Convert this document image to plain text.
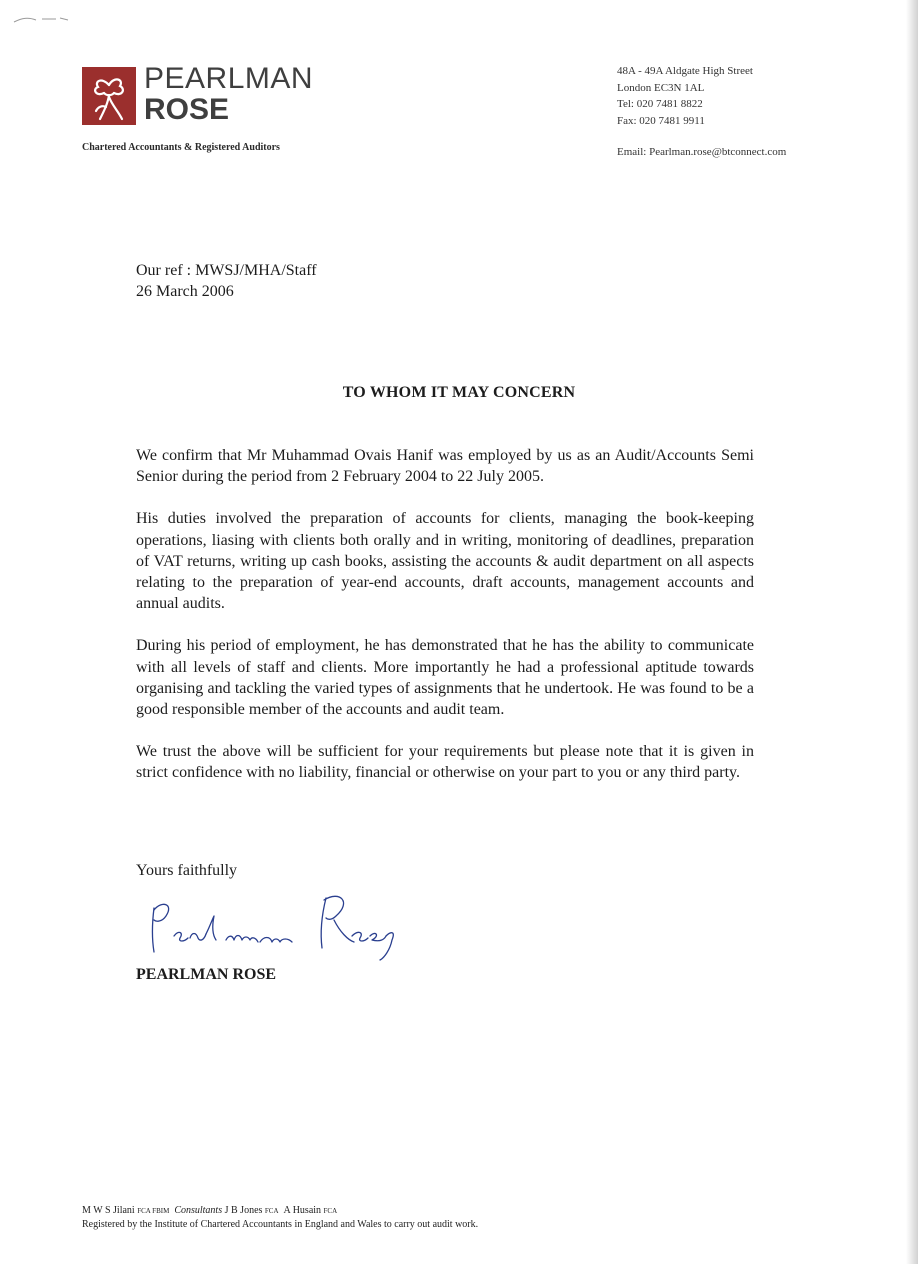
PEARLMAN
ROSE
Chartered Accountants & Registered Auditors
48A - 49A Aldgate High Street
London EC3N 1AL
Tel: 020 7481 8822
Fax: 020 7481 9911
Email: Pearlman.rose@btconnect.com
Our ref : MWSJ/MHA/Staff
26 March 2006
TO WHOM IT MAY CONCERN

We confirm that Mr Muhammad Ovais Hanif was employed by us as an Audit/Accounts Semi Senior during the period from 2 February 2004 to 22 July 2005.

His duties involved the preparation of accounts for clients, managing the book-keeping operations, liasing with clients both orally and in writing, monitoring of deadlines, preparation of VAT returns, writing up cash books, assisting the accounts & audit department on all aspects relating to the preparation of year-end accounts, draft accounts, management accounts and annual audits.

During his period of employment, he has demonstrated that he has the ability to communicate with all levels of staff and clients. More importantly he had a professional aptitude towards organising and tackling the varied types of assignments that he undertook. He was found to be a good responsible member of the accounts and audit team.

We trust the above will be sufficient for your requirements but please note that it is given in strict confidence with no liability, financial or otherwise on your part to you or any third party.

Yours faithfully
PEARLMAN ROSE
M W S Jilani FCA FBIM Consultants J B Jones FCA A Husain FCA
Registered by the Institute of Chartered Accountants in England and Wales to carry out audit work.
